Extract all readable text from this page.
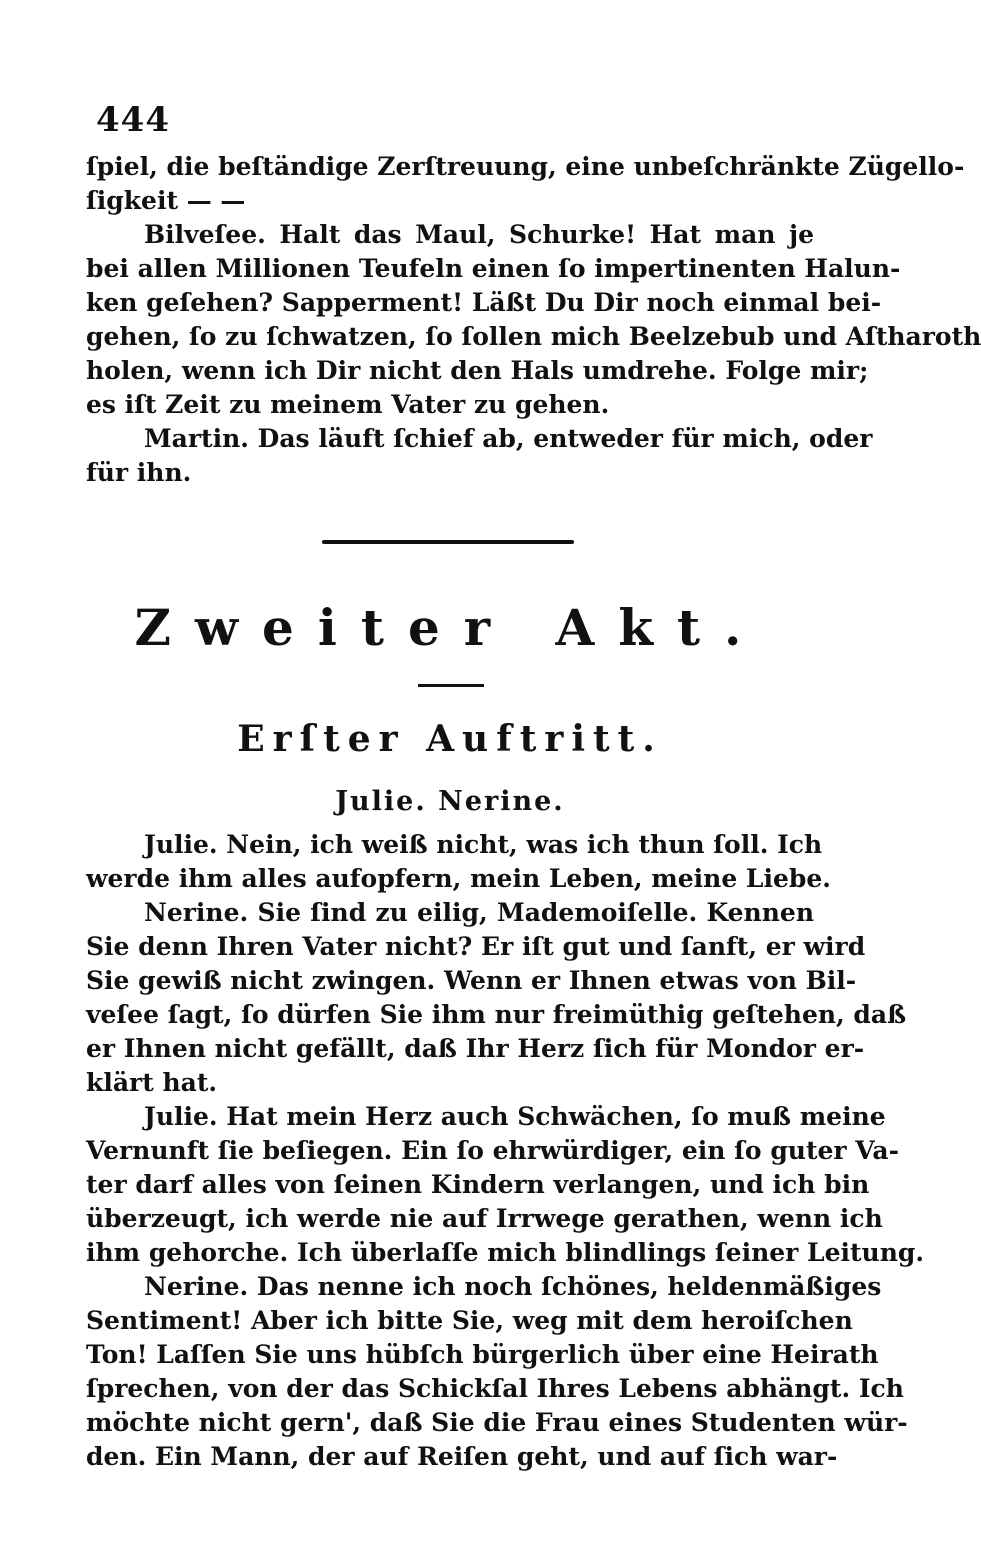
444
ſpiel, die beſtändige Zerſtreuung, eine unbeſchränkte Zügello-
ſigkeit — —
Bilveſee. Halt das Maul, Schurke! Hat man je
bei allen Millionen Teufeln einen ſo impertinenten Halun-
ken geſehen? Sapperment! Läßt Du Dir noch einmal bei-
gehen, ſo zu ſchwatzen, ſo ſollen mich Beelzebub und Aſtharoth
holen, wenn ich Dir nicht den Hals umdrehe. Folge mir;
es iſt Zeit zu meinem Vater zu gehen.
Martin. Das läuft ſchief ab, entweder für mich, oder
für ihn.
Zweiter Akt.
Erſter Auftritt.
Julie. Nerine.
Julie. Nein, ich weiß nicht, was ich thun ſoll. Ich
werde ihm alles aufopfern, mein Leben, meine Liebe.
Nerine. Sie ſind zu eilig, Mademoiſelle. Kennen
Sie denn Ihren Vater nicht? Er iſt gut und ſanft, er wird
Sie gewiß nicht zwingen. Wenn er Ihnen etwas von Bil-
veſee ſagt, ſo dürfen Sie ihm nur freimüthig geſtehen, daß
er Ihnen nicht gefällt, daß Ihr Herz ſich für Mondor er-
klärt hat.
Julie. Hat mein Herz auch Schwächen, ſo muß meine
Vernunft ſie beſiegen. Ein ſo ehrwürdiger, ein ſo guter Va-
ter darf alles von ſeinen Kindern verlangen, und ich bin
überzeugt, ich werde nie auf Irrwege gerathen, wenn ich
ihm gehorche. Ich überlaſſe mich blindlings ſeiner Leitung.
Nerine. Das nenne ich noch ſchönes, heldenmäßiges
Sentiment! Aber ich bitte Sie, weg mit dem heroiſchen
Ton! Laſſen Sie uns hübſch bürgerlich über eine Heirath
ſprechen, von der das Schickſal Ihres Lebens abhängt. Ich
möchte nicht gern', daß Sie die Frau eines Studenten wür-
den. Ein Mann, der auf Reiſen geht, und auf ſich war-
